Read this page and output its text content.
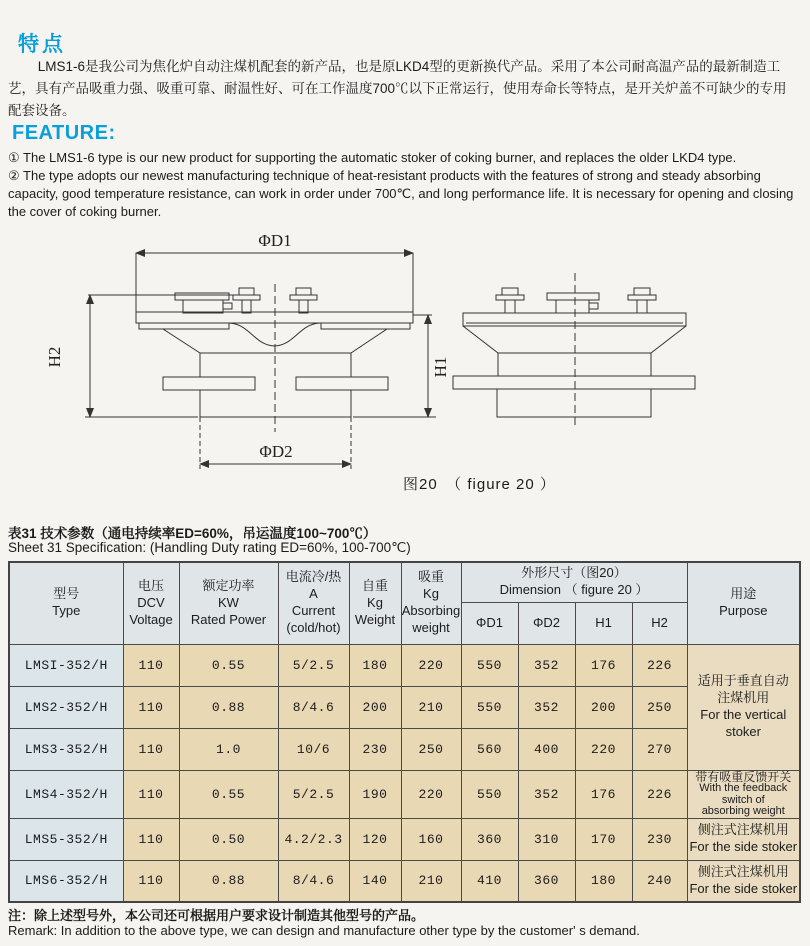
特点

LMS1-6是我公司为焦化炉自动注煤机配套的新产品，也是原LKD4型的更新换代产品。采用了本公司耐高温产品的最新制造工艺，具有产品吸重力强、吸重可靠、耐温性好、可在工作温度700℃以下正常运行，使用寿命长等特点，是开关炉盖不可缺少的专用配套设备。

FEATURE:

① The LMS1-6 type is our new product for supporting the automatic stoker of coking burner, and replaces the older LKD4 type.

② The type adopts our newest manufacturing technique of heat-resistant products with the features of strong and steady absorbing capacity, good temperature resistance, can work in order under 700℃, and long performance life. It is necessary for opening and closing the cover of coking burner.

ΦD1
ΦD2
H2	H1
图20　（ figure 20 ）
表31 技术参数（通电持续率ED=60%，吊运温度100~700℃）
Sheet 31 Specification: (Handling Duty rating ED=60%, 100-700℃)
型号
Type

电压
DCV
Voltage

额定功率
KW
Rated Power

电流冷/热
A
Current
(cold/hot)

自重
Kg
Weight

吸重
Kg
Absorbing
weight

外形尺寸（图20）
Dimension （ figure 20 ）	用途
Purpose

						ΦD1	ΦD2	H1	H2	
LMSI-352/H	110	0.55	5/2.5	180	220	550	352	176	226	适用于垂直自动
注煤机用
For the vertical
stoker

LMS2-352/H	110	0.88	8/4.6	200	210	550	352	200	250	
LMS3-352/H	110	1.0	10/6	230	250	560	400	220	270	
LMS4-352/H	110	0.55	5/2.5	190	220	550	352	176	226	带有吸重反馈开关
With the feedback
switch of
absorbing weight

LMS5-352/H	110	0.50	4.2/2.3	120	160	360	310	170	230	侧注式注煤机用
For the side stoker

LMS6-352/H	110	0.88	8/4.6	140	210	410	360	180	240	侧注式注煤机用
For the side stoker
注：除上述型号外，本公司还可根据用户要求设计制造其他型号的产品。
Remark: In addition to the above type, we can design and manufacture other type by the customer' s demand.
